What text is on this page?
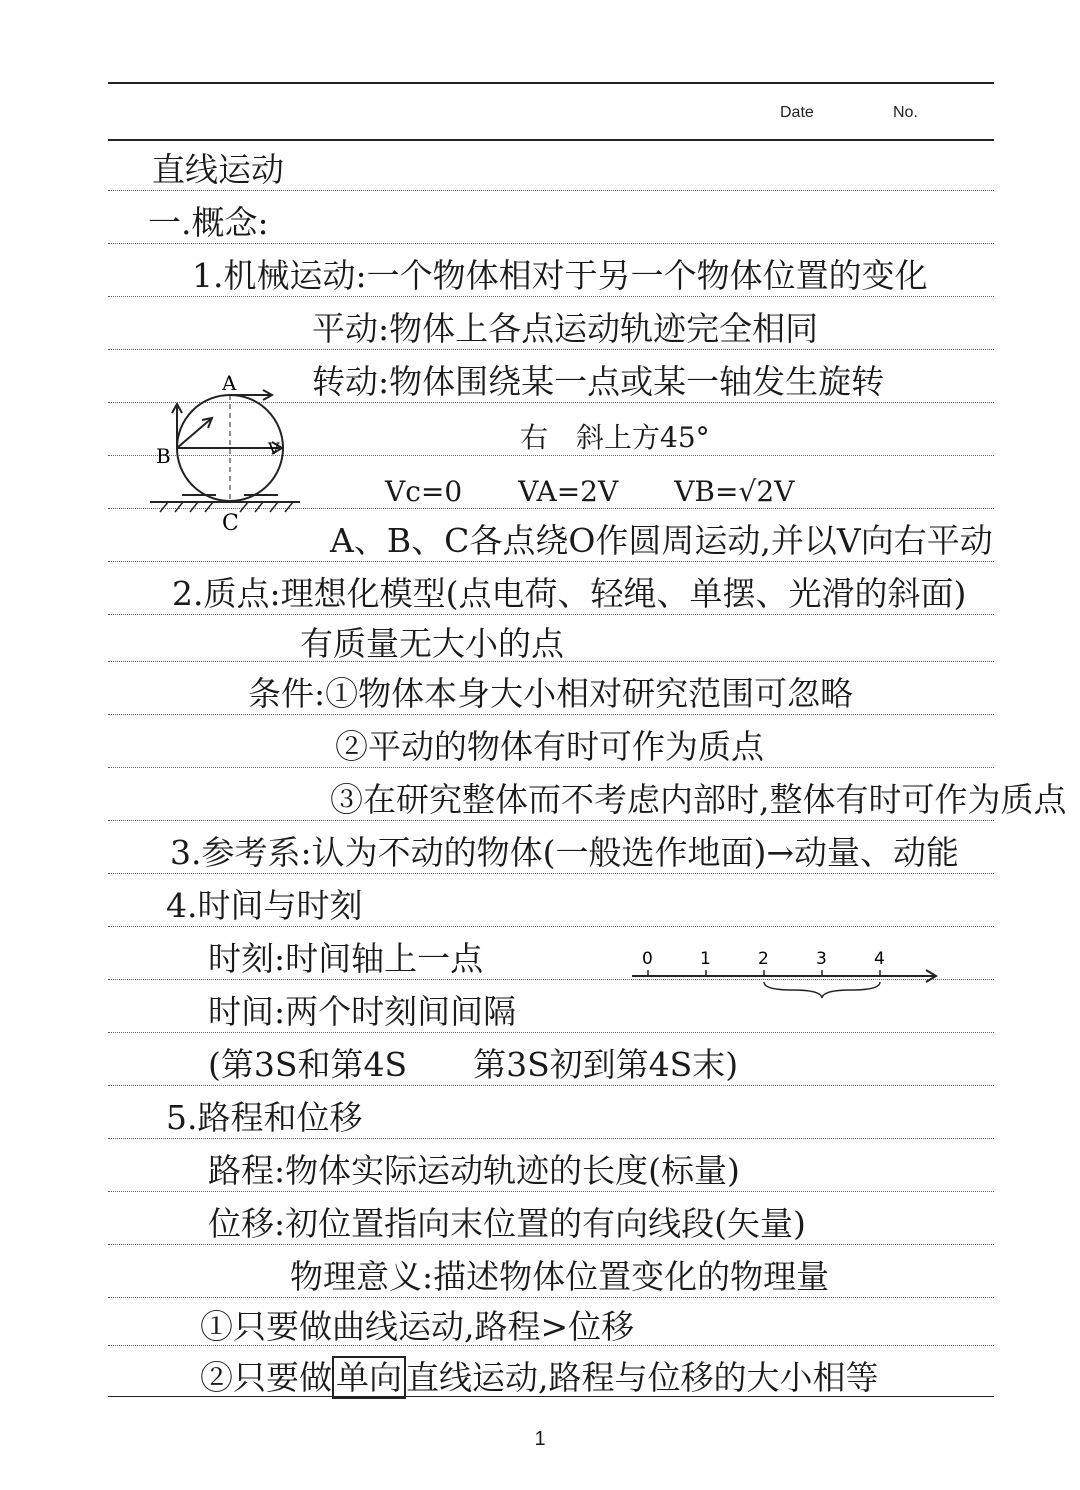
Date	No.
直线运动
一.概念:
1.机械运动:一个物体相对于另一个物体位置的变化
平动:物体上各点运动轨迹完全相同
转动:物体围绕某一点或某一轴发生旋转
右　斜上方45°
Vc=0　　VA=2V　　VB=√2V
A、B、C各点绕O作圆周运动,并以V向右平动
2.质点:理想化模型(点电荷、轻绳、单摆、光滑的斜面)
有质量无大小的点
条件:①物体本身大小相对研究范围可忽略
②平动的物体有时可作为质点
③在研究整体而不考虑内部时,整体有时可作为质点
3.参考系:认为不动的物体(一般选作地面)→动量、动能
4.时间与时刻
时刻:时间轴上一点
时间:两个时刻间间隔
(第3S和第4S　　第3S初到第4S末)
5.路程和位移
路程:物体实际运动轨迹的长度(标量)
位移:初位置指向末位置的有向线段(矢量)
物理意义:描述物体位置变化的物理量
①只要做曲线运动,路程>位移
②只要做 单向 直线运动,路程与位移的大小相等
A
B
C
V
0	1	2	3	4
1
